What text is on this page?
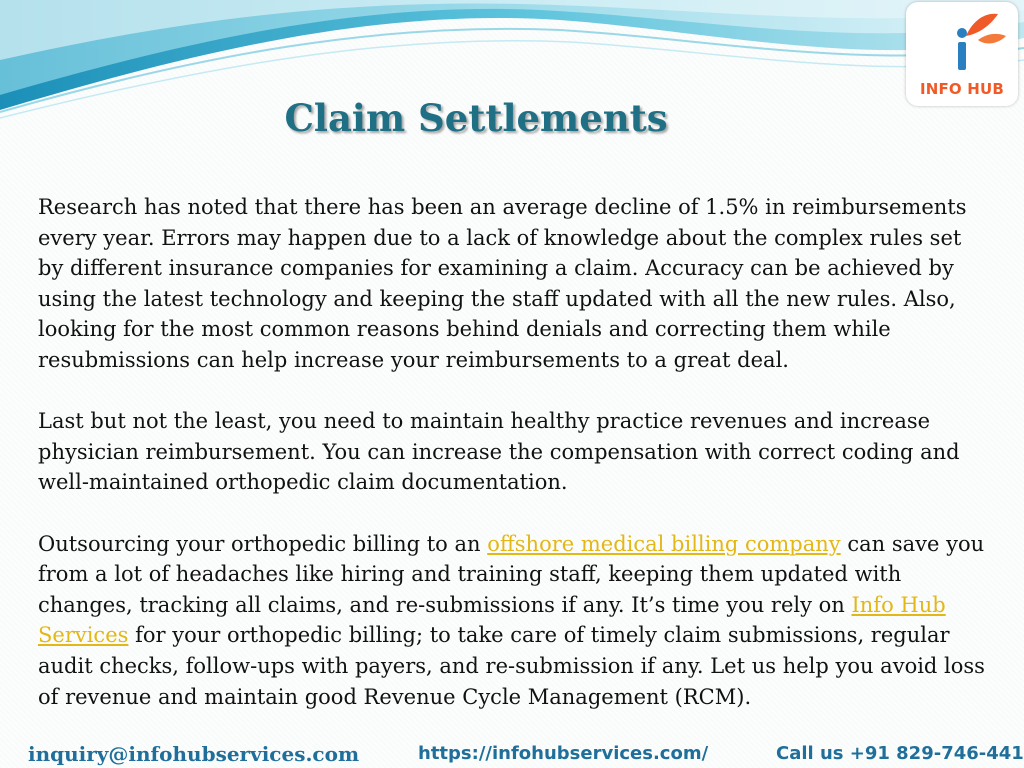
INFO HUB
Claim Settlements

Research has noted that there has been an average decline of 1.5% in reimbursements every year. Errors may happen due to a lack of knowledge about the complex rules set by different insurance companies for examining a claim. Accuracy can be achieved by using the latest technology and keeping the staff updated with all the new rules. Also, looking for the most common reasons behind denials and correcting them while resubmissions can help increase your reimbursements to a great deal.

Last but not the least, you need to maintain healthy practice revenues and increase physician reimbursement. You can increase the compensation with correct coding and well-maintained orthopedic claim documentation.

Outsourcing your orthopedic billing to an offshore medical billing company can save you from a lot of headaches like hiring and training staff, keeping them updated with changes, tracking all claims, and re-submissions if any. It’s time you rely on Info Hub Services for your orthopedic billing; to take care of timely claim submissions, regular audit checks, follow-ups with payers, and re-submission if any. Let us help you avoid loss of revenue and maintain good Revenue Cycle Management (RCM).

inquiry@infohubservices.com	https://infohubservices.com/	Call us +91 829-746-441
